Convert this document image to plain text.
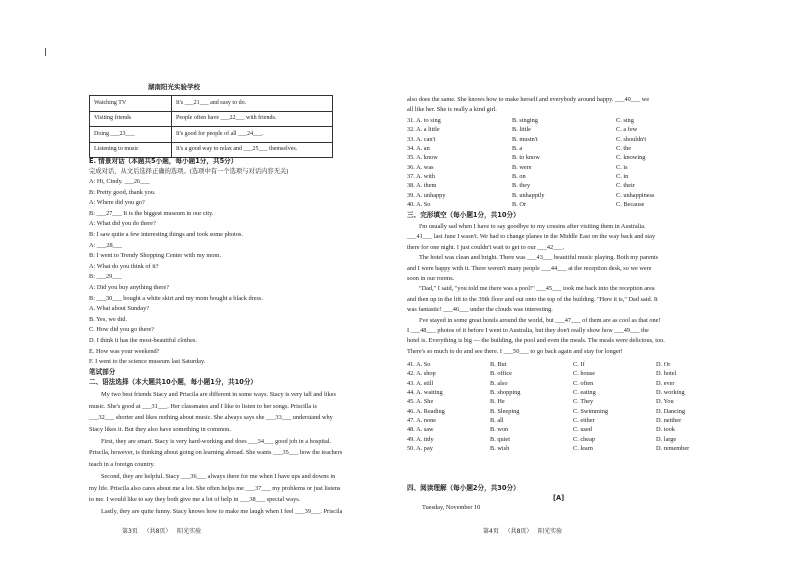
湖南阳光实验学校
Watching TV	It's ___21___ and easy to do.
Visiting friends	People often have ___22___ with friends.
Doing ___23___	It's good for people of all ___24___.
Listening to music	It's a good way to relax and ___25___ themselves.
E. 情景对话（本题共5小题，每小题1分，共5分）
完成对话，从文后选择正确的选项。(选项中有一个选项与对话内容无关)
A: Hi, Cindy. ___26___
B: Pretty good, thank you.
A: Where did you go?
B: ___27___ It is the biggest museum in our city.
A: What did you do there?
B: I saw quite a few interesting things and took some photos.
A: ___28___
B: I went to Trendy Shopping Center with my mom.
A: What do you think of it?
B: ___29___
A: Did you buy anything there?
B: ___30___ bought a white skirt and my mom bought a black dress.
A. What about Sunday?
B. Yes, we did.
C. How did you go there?
D. I think it has the most-beautiful clothes.
E. How was your weekend?
F. I went to the science museum last Saturday.
笔试部分
二、语法选择（本大题共10小题，每小题1分，共10分）
My two best friends Stacy and Priscila are different in some ways. Stacy is very tall and likes
music. She's good at ___31___. Her classmates and I like to listen to her songs. Priscilla is
___32___ shorter and likes nothing about music. She always says she ___33___ understand why
Stacy likes it. But they also have something in common.
First, they are smart. Stacy is very hard-working and does ___34___ good job in a hospital.
Priscila, however, is thinking about going on learning abroad. She wants ___35___ how the teachers
teach in a foreign country.
Second, they are helpful. Stacy ___36___ always there for me when I have ups and downs in
my life. Priscila also cares about me a lot. She often helps me ___37___ my problems or just listens
to me. I would like to say they both give me a lot of help in ___38___ special ways.
Lastly, they are quite funny. Stacy knows how to make me laugh when I feel ___39___. Priscila
第3页 （共8页） 阳光实验
also does the same. She knows how to make herself and everybody around happy. ___40___ we
all like her. She is really a kind girl.
31. A. to sing	B. singing	C. sing
32. A. a little	B. little	C. a few
33. A. can't	B. mustn't	C. shouldn't
34. A. an	B. a	C. the
35. A. know	B. to know	C. knowing
36. A. was	B. were	C. is
37. A. with	B. on	C. in
38. A. them	B. they	C. their
39. A. unhappy	B. unhappily	C. unhappiness
40. A. So	B. Or	C. Because
三、完形填空（每小题1分，共10分）
I'm usually sad when I have to say goodbye to my cousins after visiting them in Australia.
___41___ last June I wasn't. We had to change planes in the Middle East on the way back and stay
there for one night. I just couldn't wait to get to our ___42___.
The hotel was clean and bright. There was ___43___ beautiful music playing. Both my parents
and I were happy with it. There weren't many people ___44___ at the reception desk, so we were
soon in our rooms.
"Dad," I said, "you told me there was a pool!" ___45___ took me back into the reception area
and then up in the lift to the 39th floor and out onto the top of the building. "Here it is," Dad said. It
was fantastic! ___46___ under the clouds was interesting.
I've stayed in some great hotels around the world, but ___47___ of them are as cool as that one!
I ___48___ photos of it before I went to Australia, but they don't really show how ___49___ the
hotel is. Everything is big — the building, the pool and even the meals. The meals were delicious, too.
There's so much to do and see there. I ___50___ to go back again and stay for longer!
41. A. So	B. But	C. If	D. Or
42. A. shop	B. office	C. house	D. hotel
43. A. still	B. also	C. often	D. ever
44. A. waiting	B. shopping	C. eating	D. working
45. A. She	B. He	C. They	D. You
46. A. Reading	B. Sleeping	C. Swimming	D. Dancing
47. A. none	B. all	C. either	D. neither
48. A. saw	B. won	C. used	D. took
49. A. tidy	B. quiet	C. cheap	D. large
50. A. pay	B. wish	C. learn	D. remember
四、阅读理解（每小题2分，共30分）
[A]
Tuesday, November 10
第4页 （共8页） 阳光实验
